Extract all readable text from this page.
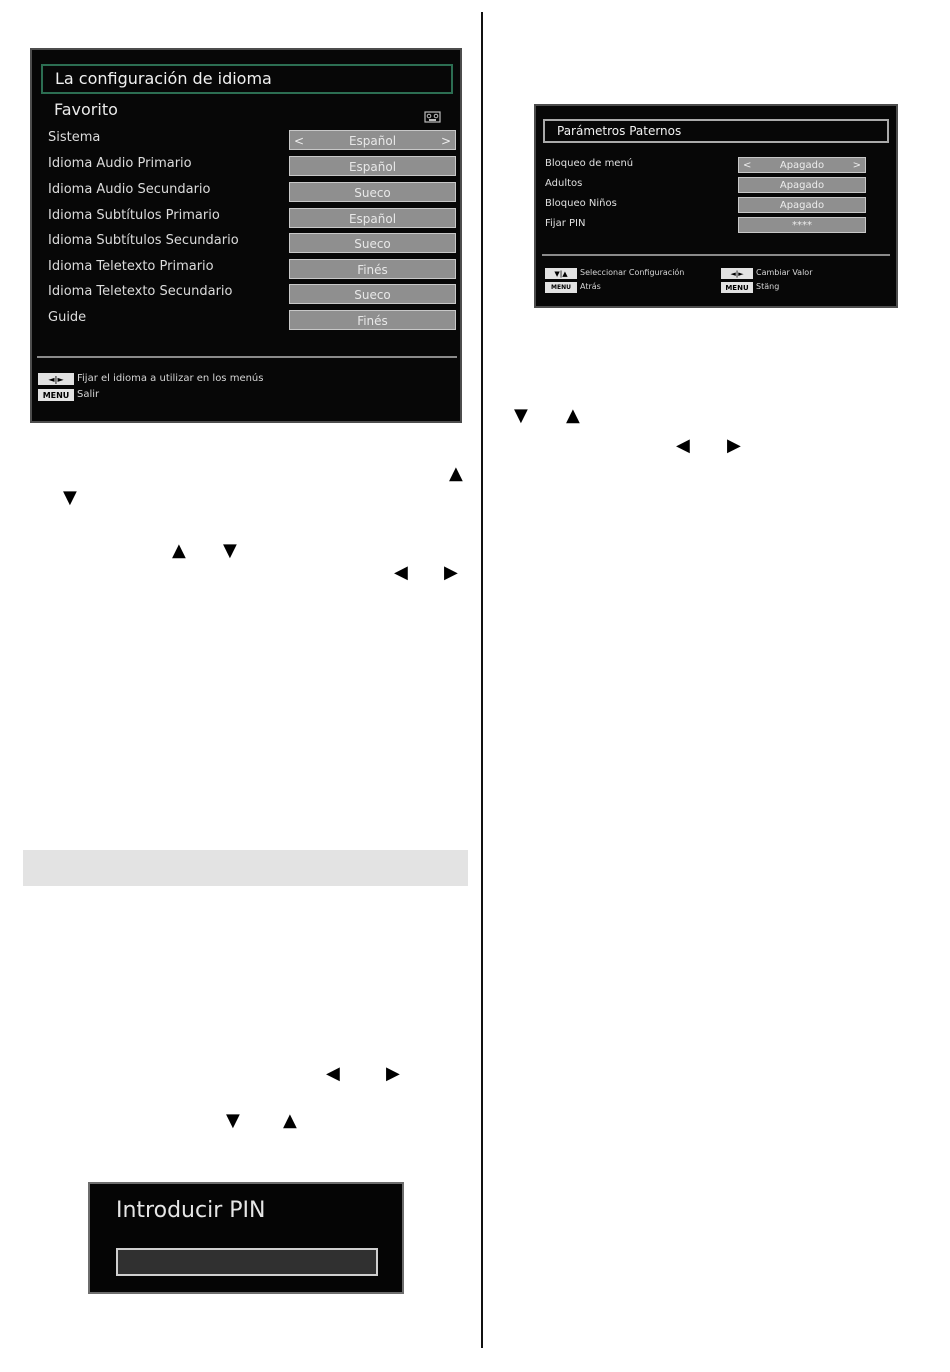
La configuración de idioma
Favorito
Sistema	<	Español	>
Idioma Audio Primario	Español
Idioma Audio Secundario	Sueco
Idioma Subtítulos Primario	Español
Idioma Subtítulos Secundario	Sueco
Idioma Teletexto Primario	Finés
Idioma Teletexto Secundario	Sueco
Guide	Finés
◄|►	Fijar el idioma a utilizar en los menús
MENU Salir
▲
▼
▲ ▼
◀ ▶
◀	▶
▼ ▲
Introducir PIN
Parámetros Paternos
Bloqueo de menú	<	Apagado	>
Adultos	Apagado
Bloqueo Niños	Apagado
Fijar PIN	****
▼|▲	Seleccionar Configuración
MENU	Atrás
◄|►	Cambiar Valor
MENU Stäng
▼ ▲
◀ ▶
